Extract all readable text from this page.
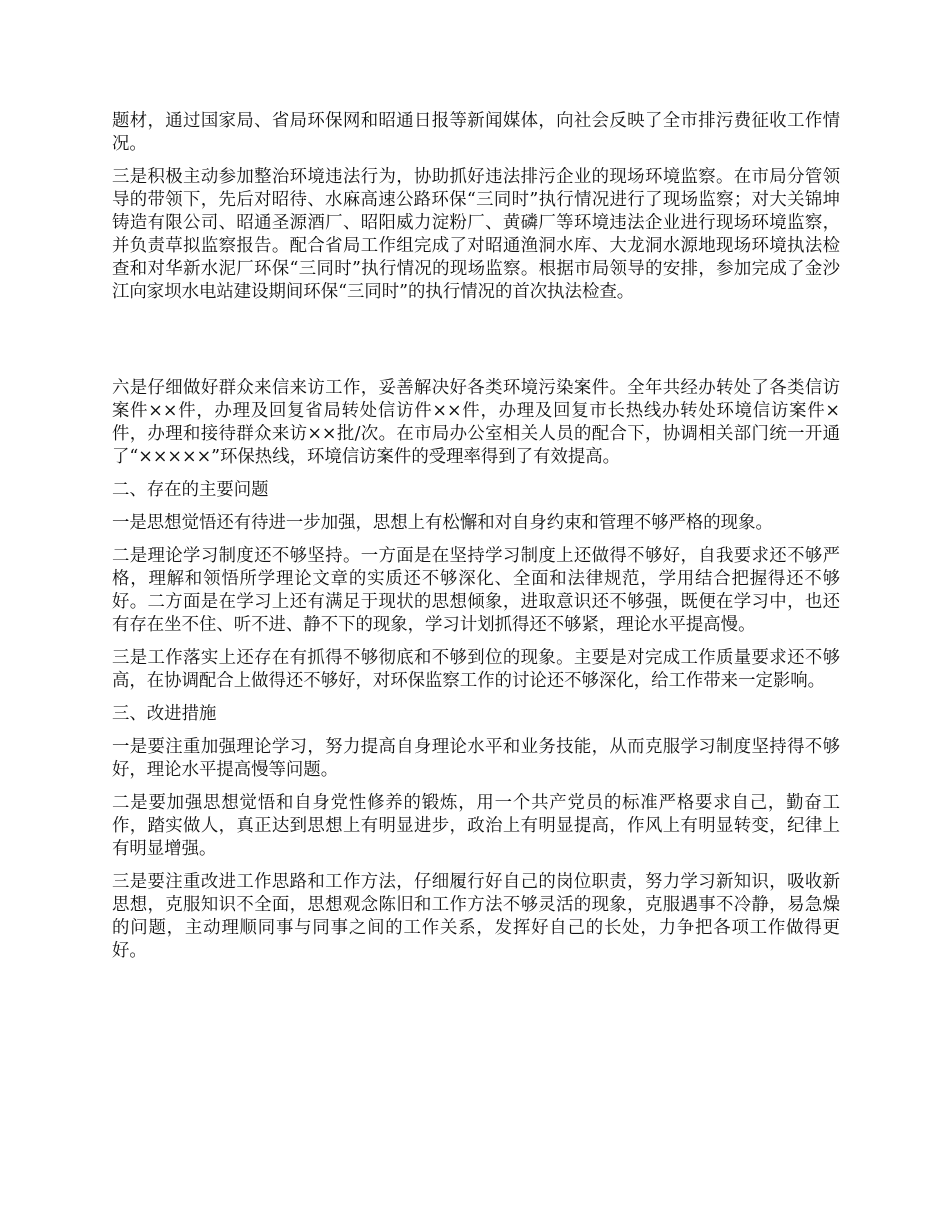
题材，通过国家局、省局环保网和昭通日报等新闻媒体，向社会反映了全市排污费征收工作情况。

三是积极主动参加整治环境违法行为，协助抓好违法排污企业的现场环境监察。在市局分管领导的带领下，先后对昭待、水麻高速公路环保“三同时”执行情况进行了现场监察；对大关锦坤铸造有限公司、昭通圣源酒厂、昭阳威力淀粉厂、黄磷厂等环境违法企业进行现场环境监察，并负责草拟监察报告。配合省局工作组完成了对昭通渔洞水库、大龙洞水源地现场环境执法检查和对华新水泥厂环保“三同时”执行情况的现场监察。根据市局领导的安排，参加完成了金沙江向家坝水电站建设期间环保“三同时”的执行情况的首次执法检查。

六是仔细做好群众来信来访工作，妥善解决好各类环境污染案件。全年共经办转处了各类信访案件××件，办理及回复省局转处信访件××件，办理及回复市长热线办转处环境信访案件×件，办理和接待群众来访××批/次。在市局办公室相关人员的配合下，协调相关部门统一开通了“×××××”环保热线，环境信访案件的受理率得到了有效提高。

二、存在的主要问题

一是思想觉悟还有待进一步加强，思想上有松懈和对自身约束和管理不够严格的现象。

二是理论学习制度还不够坚持。一方面是在坚持学习制度上还做得不够好，自我要求还不够严格，理解和领悟所学理论文章的实质还不够深化、全面和法律规范，学用结合把握得还不够好。二方面是在学习上还有满足于现状的思想倾象，进取意识还不够强，既便在学习中，也还有存在坐不住、听不进、静不下的现象，学习计划抓得还不够紧，理论水平提高慢。

三是工作落实上还存在有抓得不够彻底和不够到位的现象。主要是对完成工作质量要求还不够高，在协调配合上做得还不够好，对环保监察工作的讨论还不够深化，给工作带来一定影响。

三、改进措施

一是要注重加强理论学习，努力提高自身理论水平和业务技能，从而克服学习制度坚持得不够好，理论水平提高慢等问题。

二是要加强思想觉悟和自身党性修养的锻炼，用一个共产党员的标准严格要求自己，勤奋工作，踏实做人，真正达到思想上有明显进步，政治上有明显提高，作风上有明显转变，纪律上有明显增强。

三是要注重改进工作思路和工作方法，仔细履行好自己的岗位职责，努力学习新知识，吸收新思想，克服知识不全面，思想观念陈旧和工作方法不够灵活的现象，克服遇事不冷静，易急燥的问题，主动理顺同事与同事之间的工作关系，发挥好自己的长处，力争把各项工作做得更好。
